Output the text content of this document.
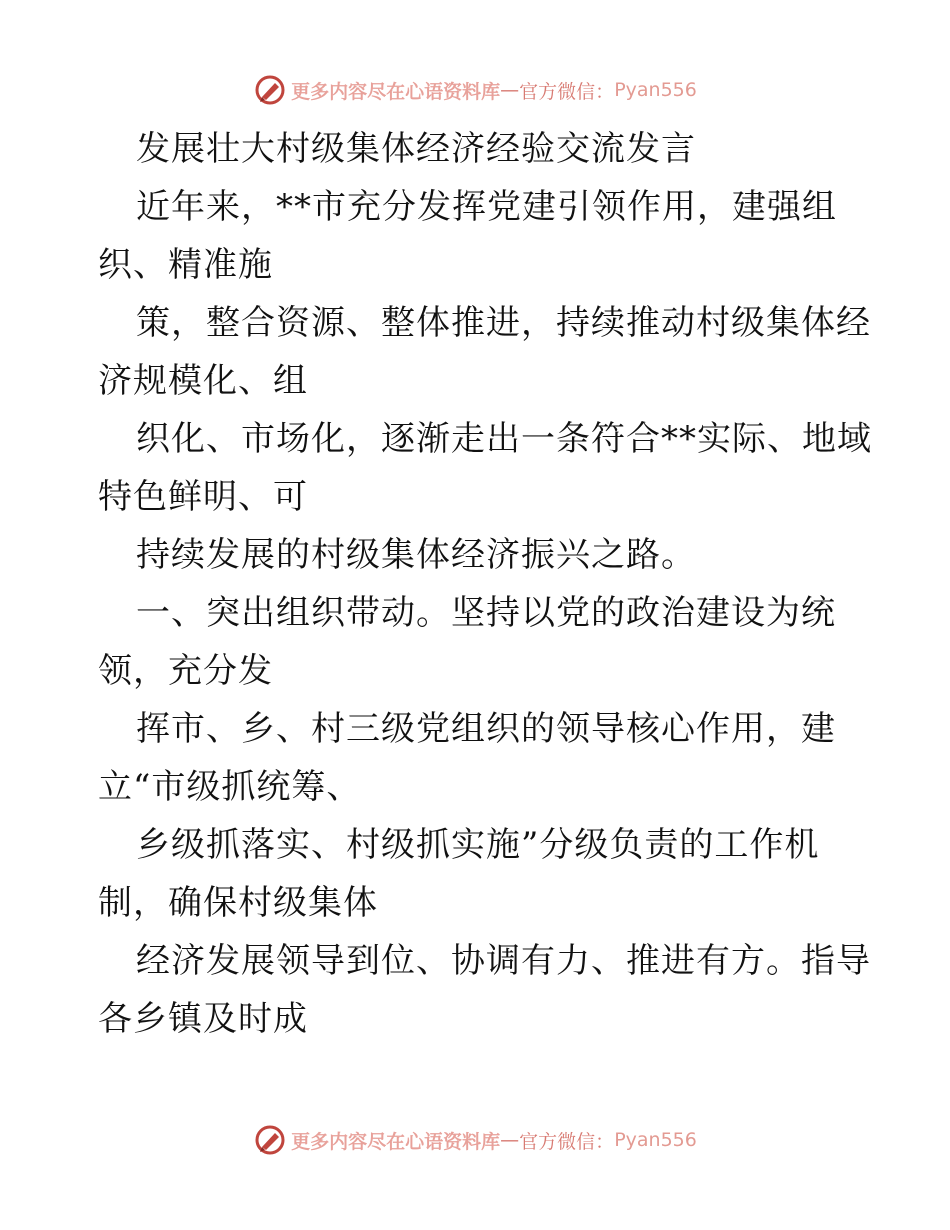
更多内容尽在心语资料库 — 官方微信： Pyan556
发展壮大村级集体经济经验交流发言
近年来，**市充分发挥党建引领作用，建强组
织、精准施
策，整合资源、整体推进，持续推动村级集体经
济规模化、组
织化、市场化，逐渐走出一条符合**实际、地域
特色鲜明、可
持续发展的村级集体经济振兴之路。
一、突出组织带动。坚持以党的政治建设为统
领，充分发
挥市、乡、村三级党组织的领导核心作用，建
立“市级抓统筹、
乡级抓落实、村级抓实施”分级负责的工作机
制，确保村级集体
经济发展领导到位、协调有力、推进有方。指导
各乡镇及时成
更多内容尽在心语资料库 — 官方微信： Pyan556
